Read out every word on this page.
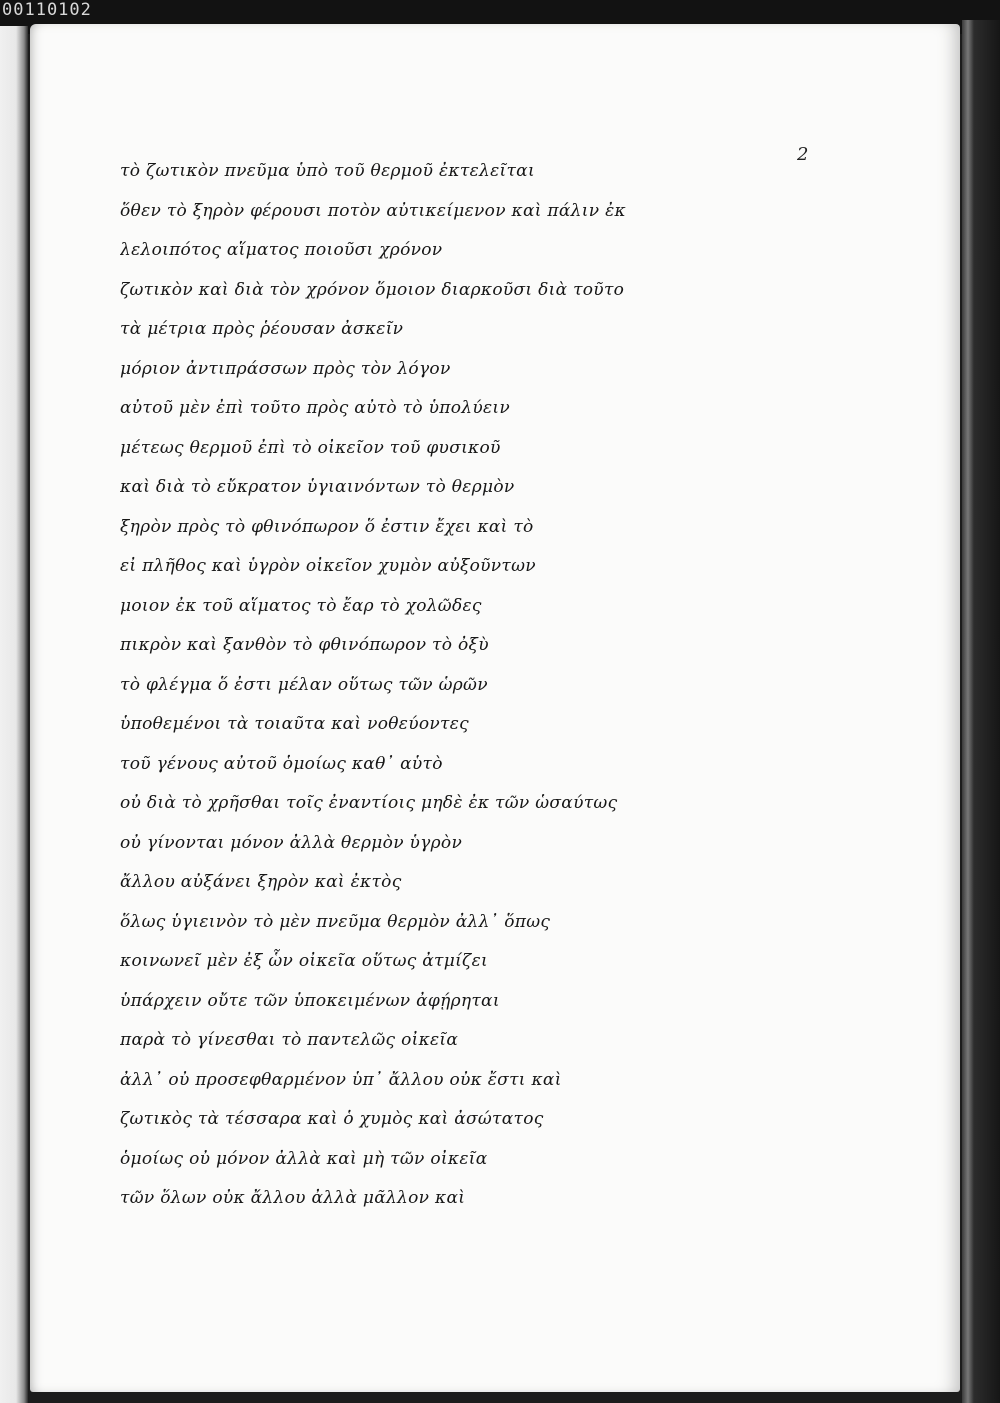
00110102
2
τὸ ζωτικὸν πνεῦμα ὑπὸ τοῦ θερμοῦ ἐκτελεῖται
ὅθεν τὸ ξηρὸν φέρουσι ποτὸν αὐτικείμενον καὶ πάλιν ἐκ
λελοιπότος αἵματος ποιοῦσι χρόνον
ζωτικὸν καὶ διὰ τὸν χρόνον ὅμοιον διαρκοῦσι διὰ τοῦτο
τὰ μέτρια πρὸς ῥέουσαν ἀσκεῖν
μόριον ἀντιπράσσων πρὸς τὸν λόγον
αὐτοῦ μὲν ἐπὶ τοῦτο πρὸς αὐτὸ τὸ ὑπολύειν
μέτεως θερμοῦ ἐπὶ τὸ οἰκεῖον τοῦ φυσικοῦ
καὶ διὰ τὸ εὔκρατον ὑγιαινόντων τὸ θερμὸν
ξηρὸν πρὸς τὸ φθινόπωρον ὅ ἐστιν ἔχει καὶ τὸ
εἰ πλῆθος καὶ ὑγρὸν οἰκεῖον χυμὸν αὐξοῦντων
μοιον ἐκ τοῦ αἵματος τὸ ἔαρ τὸ χολῶδες
πικρὸν καὶ ξανθὸν τὸ φθινόπωρον τὸ ὀξὺ
τὸ φλέγμα ὅ ἐστι μέλαν οὕτως τῶν ὡρῶν
ὑποθεμένοι τὰ τοιαῦτα καὶ νοθεύοντες
τοῦ γένους αὐτοῦ ὁμοίως καθ᾽ αὑτὸ
οὐ διὰ τὸ χρῆσθαι τοῖς ἐναντίοις μηδὲ ἐκ τῶν ὡσαύτως
οὐ γίνονται μόνον ἀλλὰ θερμὸν ὑγρὸν
ἄλλου αὐξάνει ξηρὸν καὶ ἐκτὸς
ὅλως ὑγιεινὸν τὸ μὲν πνεῦμα θερμὸν ἀλλ᾽ ὅπως
κοινωνεῖ μὲν ἐξ ὧν οἰκεῖα οὕτως ἀτμίζει
ὑπάρχειν οὔτε τῶν ὑποκειμένων ἀφῄρηται
παρὰ τὸ γίνεσθαι τὸ παντελῶς οἰκεῖα
ἀλλ᾽ οὐ προσεφθαρμένον ὑπ᾽ ἄλλου οὐκ ἔστι καὶ
ζωτικὸς τὰ τέσσαρα καὶ ὁ χυμὸς καὶ ἀσώτατος
ὁμοίως οὐ μόνον ἀλλὰ καὶ μὴ τῶν οἰκεῖα
τῶν ὅλων οὐκ ἄλλου ἀλλὰ μᾶλλον καὶ
